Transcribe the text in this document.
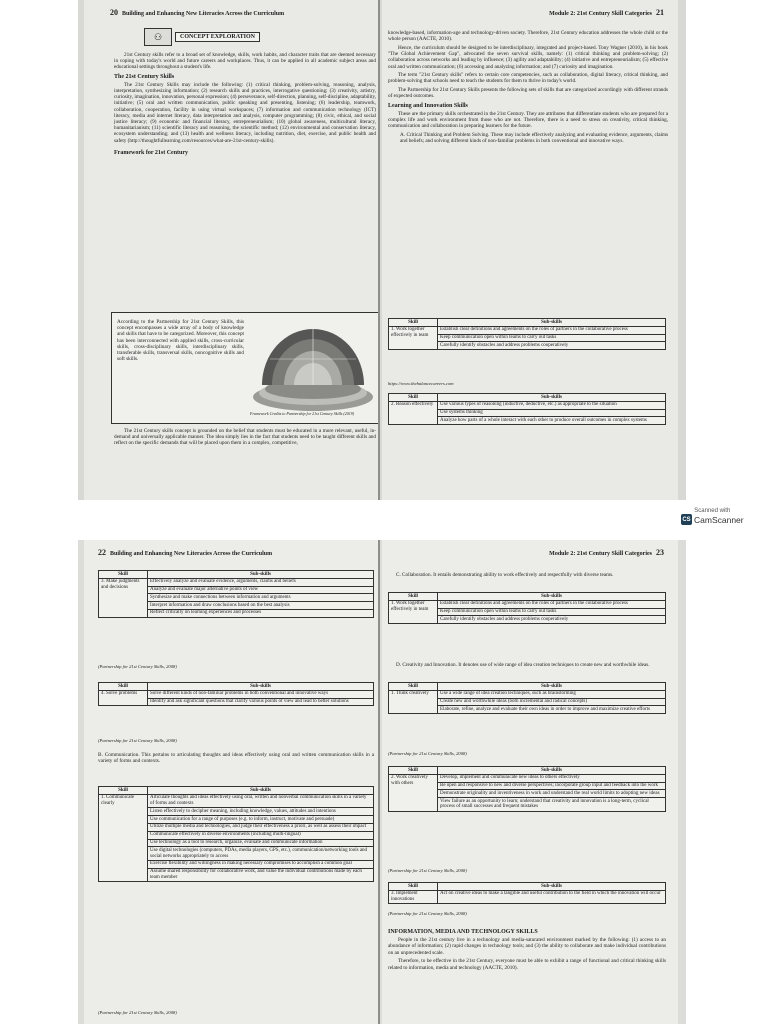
20 Building and Enhancing New Literacies Across the Curriculum
⚇	CONCEPT EXPLORATION

21st Century skills refer to a broad set of knowledge, skills, work habits, and character traits that are deemed necessary in coping with today's world and future careers and workplaces. Thus, it can be applied in all academic subject areas and educational settings throughout a student's life.

The 21st Century Skills

The 21st Century Skills may include the following: (1) critical thinking, problem-solving, reasoning, analysis, interpretation, synthesizing information; (2) research skills and practices, interrogative questioning; (3) creativity, artistry, curiosity, imagination, innovation, personal expression; (4) perseverance, self-direction, planning, self-discipline, adaptability, initiative; (5) oral and written communication, public speaking and presenting, listening; (6) leadership, teamwork, collaboration, cooperation, facility in using virtual workspaces; (7) information and communication technology (ICT) literacy, media and internet literacy, data interpretation and analysis, computer programming; (8) civic, ethical, and social justice literacy; (9) economic and financial literacy, entrepreneurialism; (10) global awareness, multicultural literacy, humanitarianism; (11) scientific literacy and reasoning, the scientific method; (12) environmental and conservation literacy, ecosystem understanding; and (13) health and wellness literacy, including nutrition, diet, exercise, and public health and safety (http://thoughtfullearning.com/resources/what-are-21st-century-skills).

Framework for 21st Century
According to the Partnership for 21st Century Skills, this concept encompasses a wide array of a body of knowledge and skills that have to be categorized. Moreover, this concept has been interconnected with applied skills, cross-curricular skills, cross-disciplinary skills, interdisciplinary skills, transferable skills, transversal skills, noncognitive skills and soft skills.
Framework Credits to Partnership for 21st Century Skills (2019)

The 21st Century skills concept is grounded on the belief that students must be educated in a more relevant, useful, in-demand and universally applicable manner. The idea simply lies in the fact that students need to be taught different skills and reflect on the specific demands that will be placed upon them in a complex, competitive,

Module 2: 21st Century Skill Categories 21

knowledge-based, information-age and technology-driven society. Therefore, 21st Century education addresses the whole child or the whole person (AACTE, 2010).

Hence, the curriculum should be designed to be interdisciplinary, integrated and project-based. Tony Wagner (2010), in his book "The Global Achievement Gap", advocated the seven survival skills, namely: (1) critical thinking and problem-solving; (2) collaboration across networks and leading by influence; (3) agility and adaptability; (4) initiative and entrepreneurialism; (5) effective oral and written communication; (6) accessing and analyzing information; and (7) curiosity and imagination.

The term "21st Century skills" refers to certain core competencies, such as collaboration, digital literacy, critical thinking, and problem-solving that schools need to teach the students for them to thrive in today's world.

The Partnership for 21st Century Skills presents the following sets of skills that are categorized accordingly with different strands of expected outcomes.

Learning and Innovation Skills

These are the primary skills orchestrated in the 21st Century. They are attributes that differentiate students who are prepared for a complex life and work environment from those who are not. Therefore, there is a need to stress on creativity, critical thinking, communication and collaboration in preparing learners for the future.

A. Critical Thinking and Problem Solving. These may include effectively analyzing and evaluating evidence, arguments, claims and beliefs; and solving different kinds of non-familiar problems in both conventional and innovative ways.

Skill	Sub-skills
1. Work together effectively in team	Establish clear definitions and agreements on the roles of partners in the collaborative process
	Keep communication open within teams to carry out tasks
	Carefully identify obstacles and address problems cooperatively
https://www.thebalancecareers.com
Skill	Sub-skills
2. Reason effectively	Use various types of reasoning (inductive, deductive, etc.) as appropriate to the situation
	Use systems thinking
	Analyze how parts of a whole interact with each other to produce overall outcomes in complex systems
Scanned with
CS CamScanner
22 Building and Enhancing New Literacies Across the Curriculum
Skill	Sub-skills
3. Make judgments and decisions	Effectively analyze and evaluate evidence, arguments, claims and beliefs
	Analyze and evaluate major alternative points of view
	Synthesize and make connections between information and arguments
	Interpret information and draw conclusions based on the best analysis
	Reflect critically on learning experiences and processes
(Partnership for 21st Century Skills, 2008)
Skill	Sub-skills
4. Solve problems	Solve different kinds of non-familiar problems in both conventional and innovative ways
	Identify and ask significant questions that clarify various points of view and lead to better solutions
(Partnership for 21st Century Skills, 2008)

B. Communication. This pertains to articulating thoughts and ideas effectively using oral and written communication skills in a variety of forms and contexts.

Skill	Sub-skills
1. Communicate clearly	Articulate thoughts and ideas effectively using oral, written and nonverbal communication skills in a variety of forms and contexts
	Listen effectively to decipher meaning, including knowledge, values, attitudes and intentions
	Use communication for a range of purposes (e.g. to inform, instruct, motivate and persuade)
	Utilize multiple media and technologies, and judge their effectiveness a priori, as well as assess their impact
	Communicate effectively in diverse environments (including multi-lingual)
	Use technology as a tool to research, organize, evaluate and communicate information
	Use digital technologies (computers, PDAs, media players, GPS, etc.), communication/networking tools and social networks appropriately to access
	Exercise flexibility and willingness in making necessary compromises to accomplish a common goal
	Assume shared responsibility for collaborative work, and value the individual contributions made by each team member
(Partnership for 21st Century Skills, 2008)
Module 2: 21st Century Skill Categories 23

C. Collaboration. It entails demonstrating ability to work effectively and respectfully with diverse teams.

Skill	Sub-skills
1. Work together effectively in team	Establish clear definitions and agreements on the roles of partners in the collaborative process
	Keep communication open within teams to carry out tasks
	Carefully identify obstacles and address problems cooperatively

D. Creativity and Innovation. It denotes use of wide range of idea creation techniques to create new and worthwhile ideas.

Skill	Sub-skills
1. Think creatively	Use a wide range of idea creation techniques, such as brainstorming
	Create new and worthwhile ideas (both incremental and radical concepts)
	Elaborate, refine, analyze and evaluate their own ideas in order to improve and maximize creative efforts
(Partnership for 21st Century Skills, 2008)
Skill	Sub-skills
2. Work creatively with others	Develop, implement and communicate new ideas to others effectively
	Be open and responsive to new and diverse perspectives; incorporate group input and feedback into the work
	Demonstrate originality and inventiveness in work and understand the real world limits to adopting new ideas
	View failure as an opportunity to learn; understand that creativity and innovation is a long-term, cyclical process of small successes and frequent mistakes
(Partnership for 21st Century Skills, 2008)
Skill	Sub-skills
3. Implement innovations	Act on creative ideas to make a tangible and useful contribution to the field in which the innovation will occur
(Partnership for 21st Century Skills, 2008)
INFORMATION, MEDIA AND TECHNOLOGY SKILLS

People in the 21st century live in a technology and media-saturated environment marked by the following: (1) access to an abundance of information; (2) rapid changes in technology tools; and (3) the ability to collaborate and make individual contributions on an unprecedented scale.

Therefore, to be effective in the 21st Century, everyone must be able to exhibit a range of functional and critical thinking skills related to information, media and technology (AACTE, 2010).
